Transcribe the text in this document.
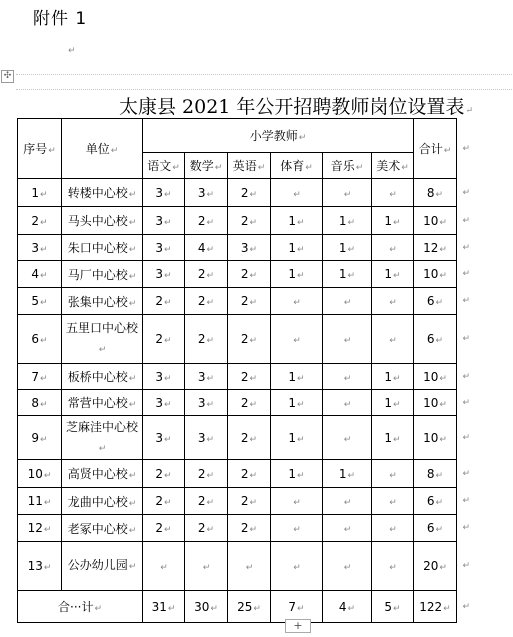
附件 1
↵
✣
太康县 2021 年公开招聘教师岗位设置表↵
序号↵	单位↵	小学教师↵						合计↵ ↵

		语文↵	数学↵	英语↵	体育↵	音乐↵	美术↵	
1↵	转楼中心校↵	3↵	3↵	2↵	↵	↵	↵	8↵ ↵

2↵	马头中心校↵	3↵	2↵	2↵	1↵	1↵	1↵	10↵ ↵

3↵	朱口中心校↵	3↵	4↵	3↵	1↵	1↵	↵	12↵ ↵

4↵	马厂中心校↵	3↵	2↵	2↵	1↵	1↵	1↵	10↵ ↵

5↵	张集中心校↵	2↵	2↵	2↵	↵	↵	↵	6↵ ↵

6↵	五里口中心校↵	2↵	2↵	2↵	↵	↵	↵	6↵ ↵

7↵	板桥中心校↵	3↵	3↵	2↵	1↵	↵	1↵	10↵ ↵

8↵	常营中心校↵	3↵	3↵	2↵	1↵	↵	1↵	10↵ ↵

9↵	芝麻洼中心校↵	3↵	3↵	2↵	1↵	↵	1↵	10↵ ↵

10↵	高贤中心校↵	2↵	2↵	2↵	1↵	1↵	↵	8↵ ↵

11↵	龙曲中心校↵	2↵	2↵	2↵	↵	↵	↵	6↵ ↵

12↵	老冢中心校↵	2↵	2↵	2↵	↵	↵	↵	6↵ ↵

13↵	公办幼儿园↵	↵	↵	↵	↵	↵	↵	20↵ ↵

合···计↵		31↵	30↵	25↵	7↵	4↵	5↵	122↵ ↵
+
